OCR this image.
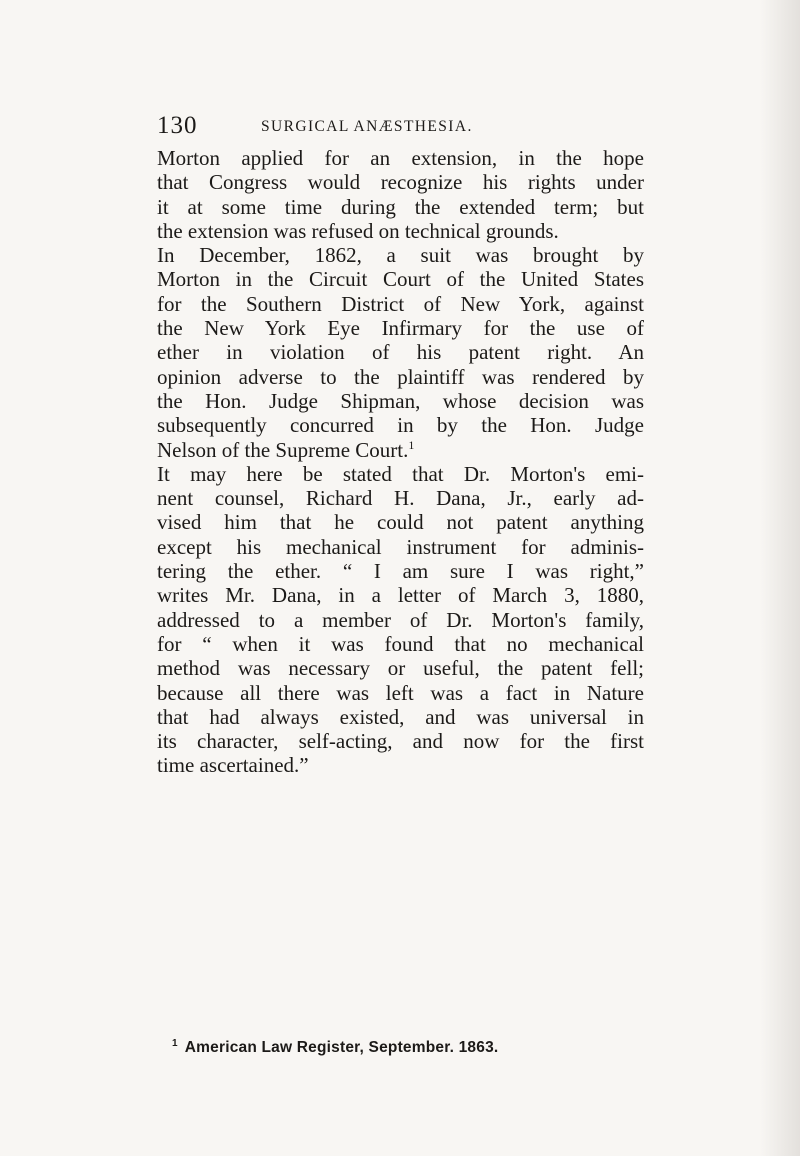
130	SURGICAL ANÆSTHESIA.
Morton applied for an extension, in the hope
that Congress would recognize his rights under
it at some time during the extended term; but
the extension was refused on technical grounds.
In December, 1862, a suit was brought by
Morton in the Circuit Court of the United States
for the Southern District of New York, against
the New York Eye Infirmary for the use of
ether in violation of his patent right. An
opinion adverse to the plaintiff was rendered by
the Hon. Judge Shipman, whose decision was
subsequently concurred in by the Hon. Judge
Nelson of the Supreme Court.$^1$
It may here be stated that Dr. Morton's emi-
nent counsel, Richard H. Dana, Jr., early ad-
vised him that he could not patent anything
except his mechanical instrument for adminis-
tering the ether. “ I am sure I was right,”
writes Mr. Dana, in a letter of March 3, 1880,
addressed to a member of Dr. Morton's family,
for “ when it was found that no mechanical
method was necessary or useful, the patent fell;
because all there was left was a fact in Nature
that had always existed, and was universal in
its character, self-acting, and now for the first
time ascertained.”
$^1$ American Law Register, September. 1863.
